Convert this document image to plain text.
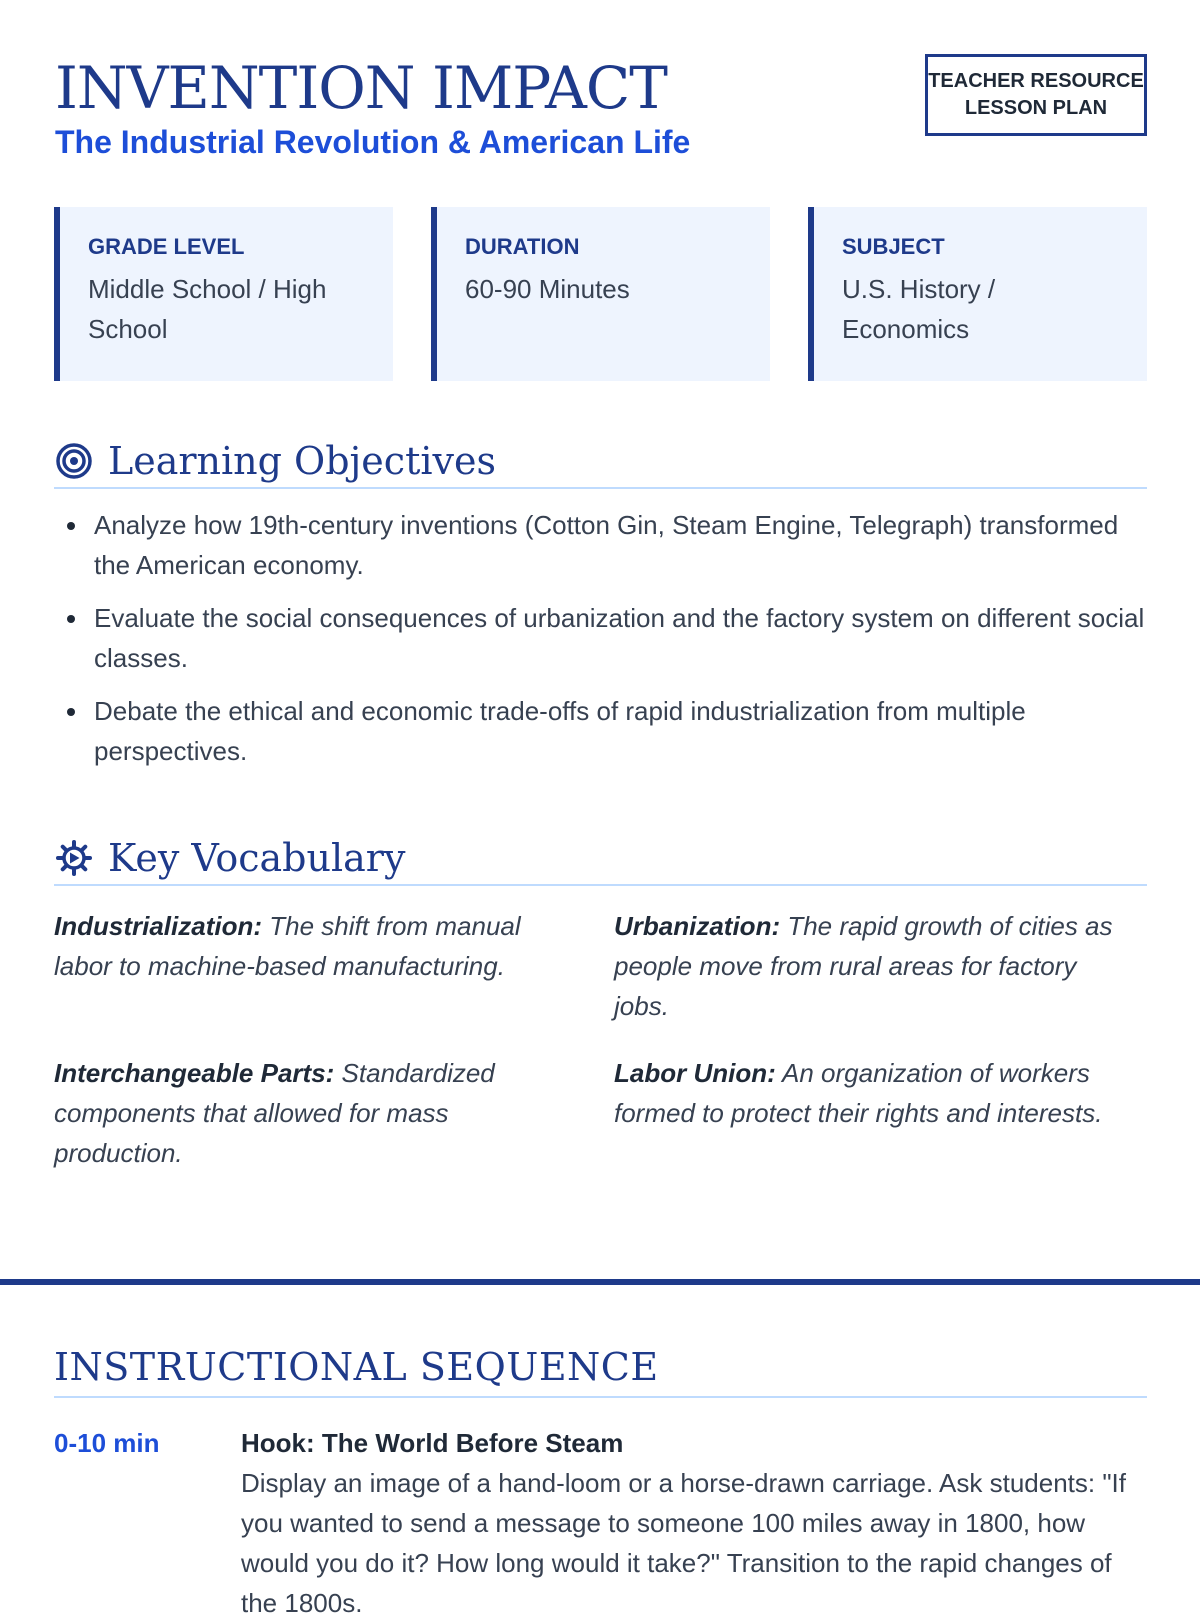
INVENTION IMPACT
The Industrial Revolution & American Life
TEACHER RESOURCE
LESSON PLAN
GRADE LEVEL
Middle School / High School
DURATION
60-90 Minutes
SUBJECT
U.S. History / Economics
Learning Objectives
Analyze how 19th-century inventions (Cotton Gin, Steam Engine, Telegraph) transformed the American economy.
Evaluate the social consequences of urbanization and the factory system on different social classes.
Debate the ethical and economic trade-offs of rapid industrialization from multiple perspectives.
Key Vocabulary
Industrialization: The shift from manual labor to machine-based manufacturing.
Urbanization: The rapid growth of cities as people move from rural areas for factory jobs.
Interchangeable Parts: Standardized components that allowed for mass production.
Labor Union: An organization of workers formed to protect their rights and interests.
INSTRUCTIONAL SEQUENCE
0-10 min	Hook: The World Before Steam
Display an image of a hand-loom or a horse-drawn carriage. Ask students: "If you wanted to send a message to someone 100 miles away in 1800, how would you do it? How long would it take?" Transition to the rapid changes of the 1800s.
